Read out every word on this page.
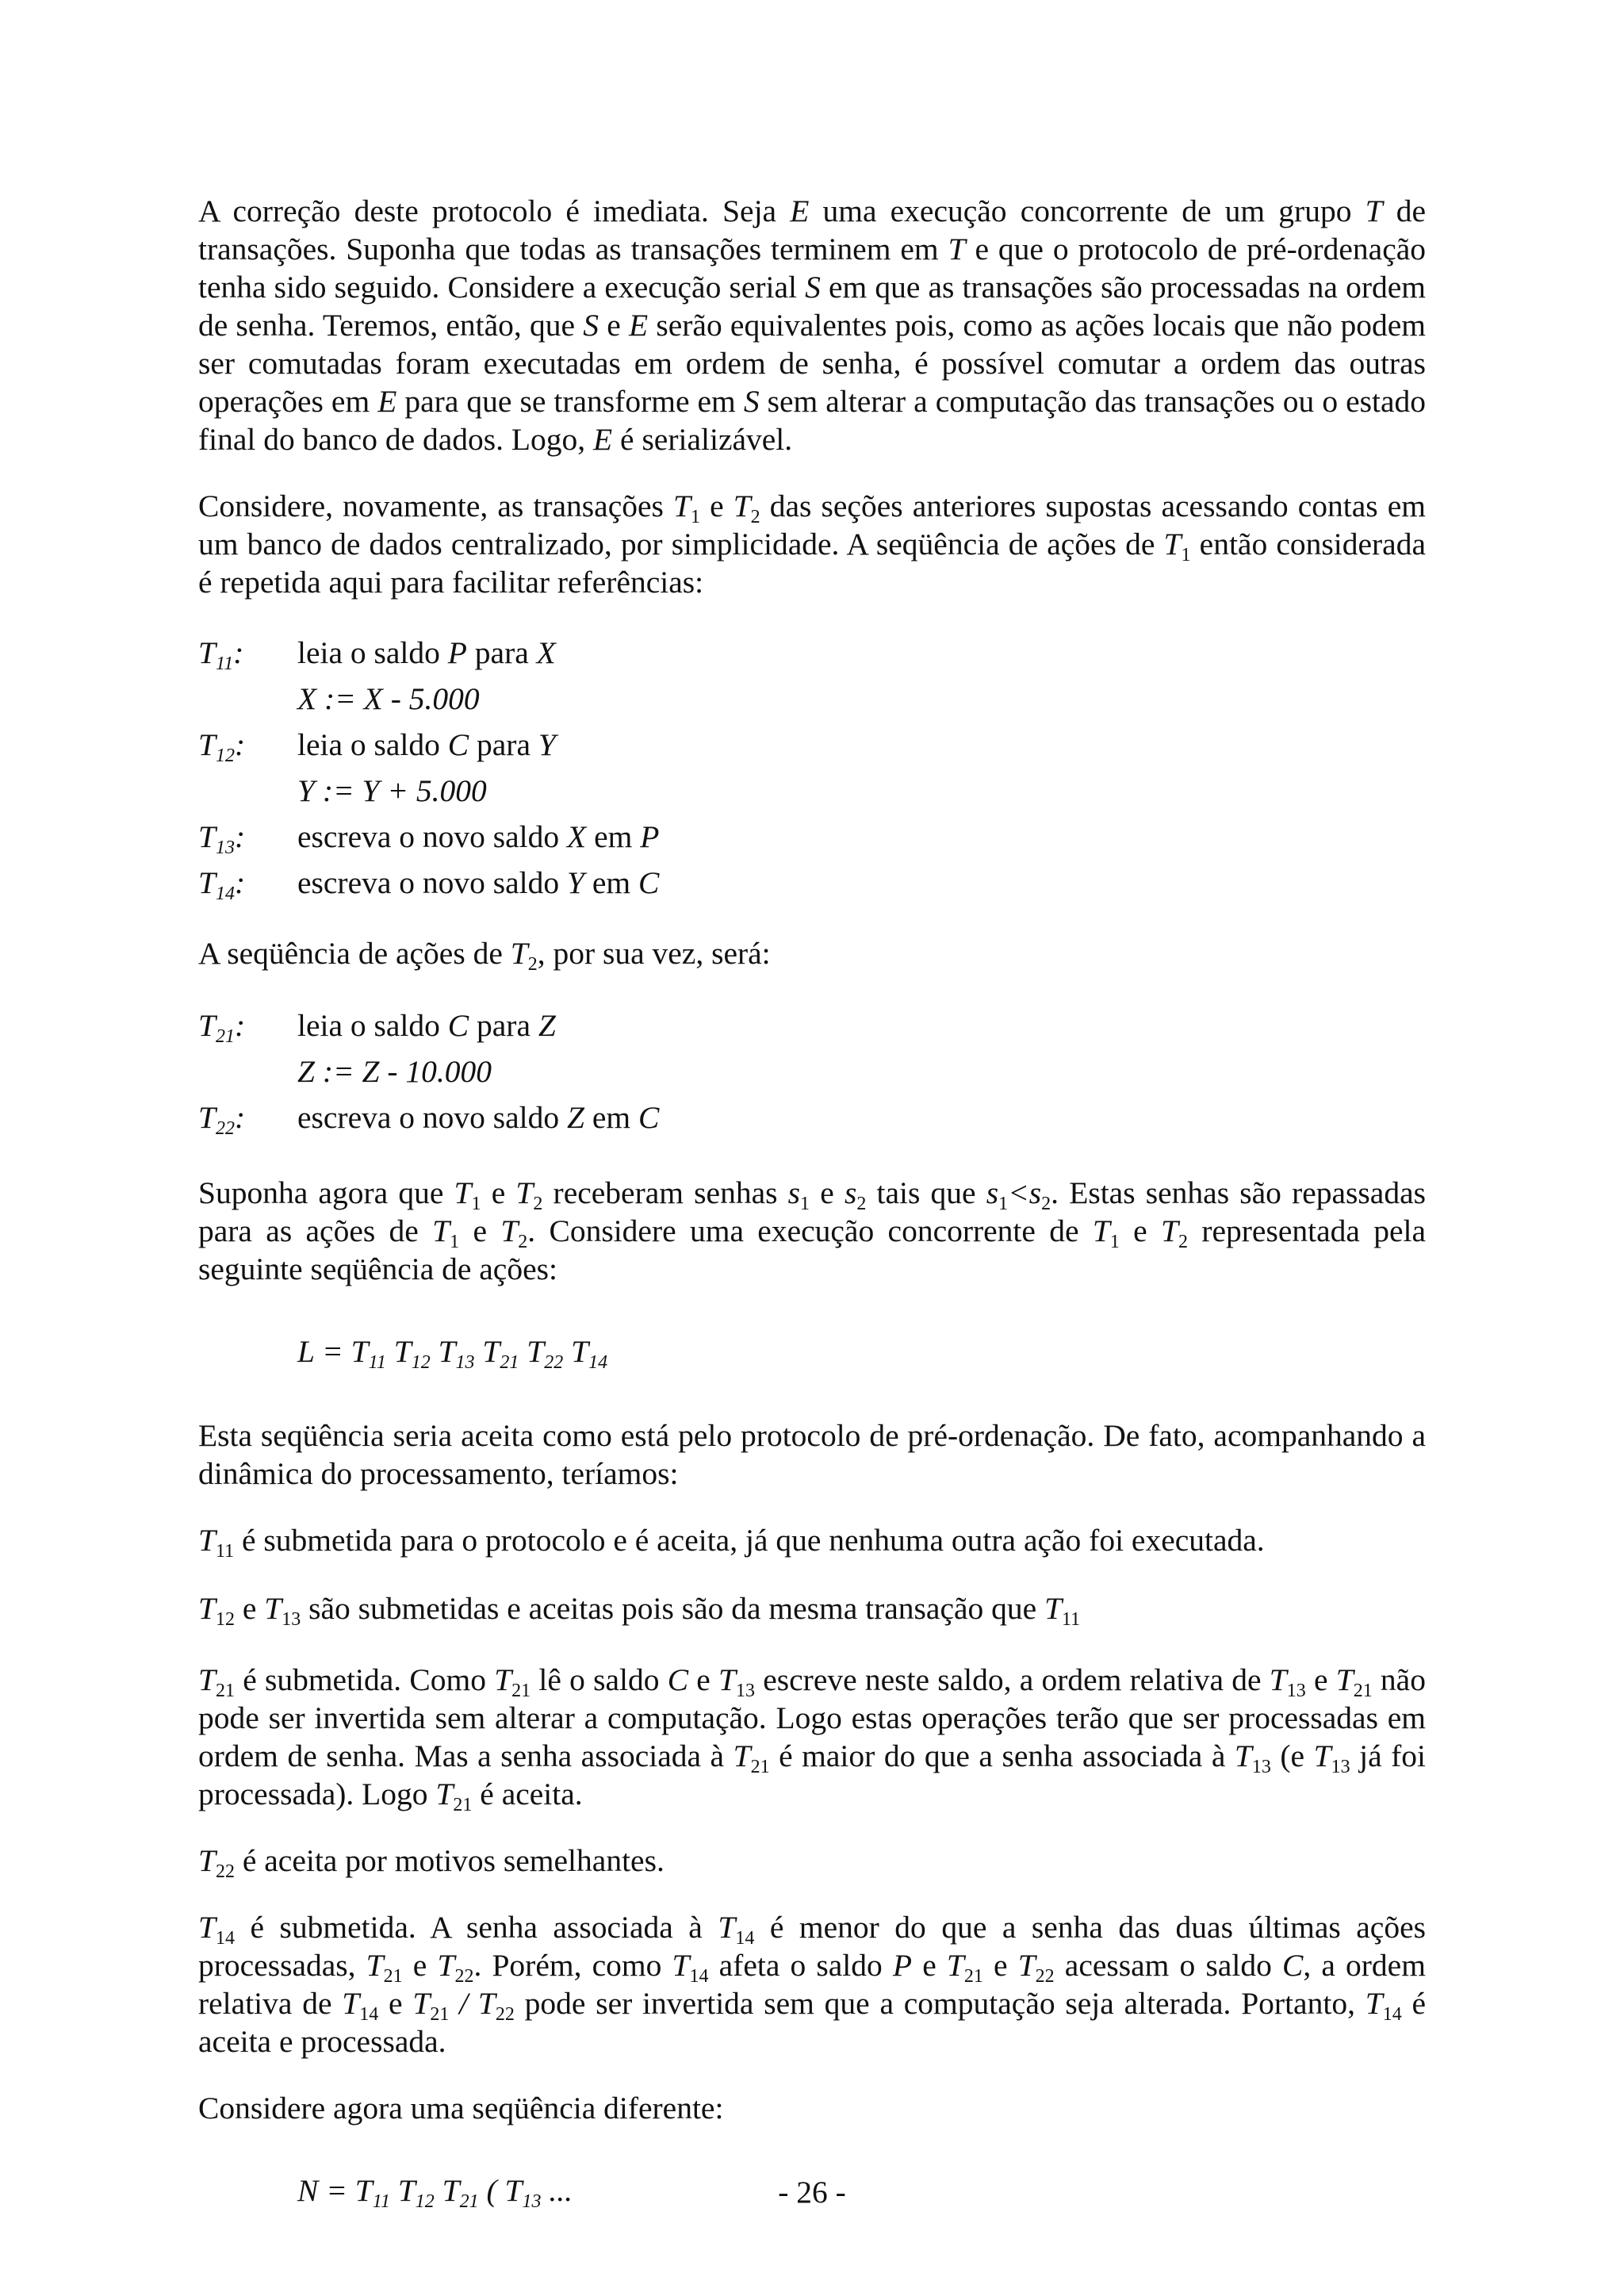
A correção deste protocolo é imediata. Seja E uma execução concorrente de um grupo T de transações. Suponha que todas as transações terminem em T e que o protocolo de pré-ordenação tenha sido seguido. Considere a execução serial S em que as transações são processadas na ordem de senha. Teremos, então, que S e E serão equivalentes pois, como as ações locais que não podem ser comutadas foram executadas em ordem de senha, é possível comutar a ordem das outras operações em E para que se transforme em S sem alterar a computação das transações ou o estado final do banco de dados. Logo, E é serializável.

Considere, novamente, as transações $T_1$ e $T_2$ das seções anteriores supostas acessando contas em um banco de dados centralizado, por simplicidade. A seqüência de ações de $T_1$ então considerada é repetida aqui para facilitar referências:

$T_{11}$:	leia o saldo P para X
X := X - 5.000
$T_{12}$:	leia o saldo C para Y
Y := Y + 5.000
$T_{13}$:	escreva o novo saldo X em P
$T_{14}$:	escreva o novo saldo Y em C

A seqüência de ações de $T_2$, por sua vez, será:

$T_{21}$:	leia o saldo C para Z
Z := Z - 10.000
$T_{22}$:	escreva o novo saldo Z em C

Suponha agora que $T_1$ e $T_2$ receberam senhas $s_1$ e $s_2$ tais que $s_1<s_2$. Estas senhas são repassadas para as ações de $T_1$ e $T_2$. Considere uma execução concorrente de $T_1$ e $T_2$ representada pela seguinte seqüência de ações:

$L = T_{11}$ $T_{12}$ $T_{13}$ $T_{21}$ $T_{22}$ $T_{14}$

Esta seqüência seria aceita como está pelo protocolo de pré-ordenação. De fato, acompanhando a dinâmica do processamento, teríamos:

$T_{11}$ é submetida para o protocolo e é aceita, já que nenhuma outra ação foi executada.

$T_{12}$ e $T_{13}$ são submetidas e aceitas pois são da mesma transação que $T_{11}$

$T_{21}$ é submetida. Como $T_{21}$ lê o saldo C e $T_{13}$ escreve neste saldo, a ordem relativa de $T_{13}$ e $T_{21}$ não pode ser invertida sem alterar a computação. Logo estas operações terão que ser processadas em ordem de senha. Mas a senha associada à $T_{21}$ é maior do que a senha associada à $T_{13}$ (e $T_{13}$ já foi processada). Logo $T_{21}$ é aceita.

$T_{22}$ é aceita por motivos semelhantes.

$T_{14}$ é submetida. A senha associada à $T_{14}$ é menor do que a senha das duas últimas ações processadas, $T_{21}$ e $T_{22}$. Porém, como $T_{14}$ afeta o saldo P e $T_{21}$ e $T_{22}$ acessam o saldo C, a ordem relativa de $T_{14}$ e $T_{21} / T_{22}$ pode ser invertida sem que a computação seja alterada. Portanto, $T_{14}$ é aceita e processada.

Considere agora uma seqüência diferente:

$N = T_{11}$ $T_{12}$ $T_{21}$ ( $T_{13}$ ...	- 26 -
